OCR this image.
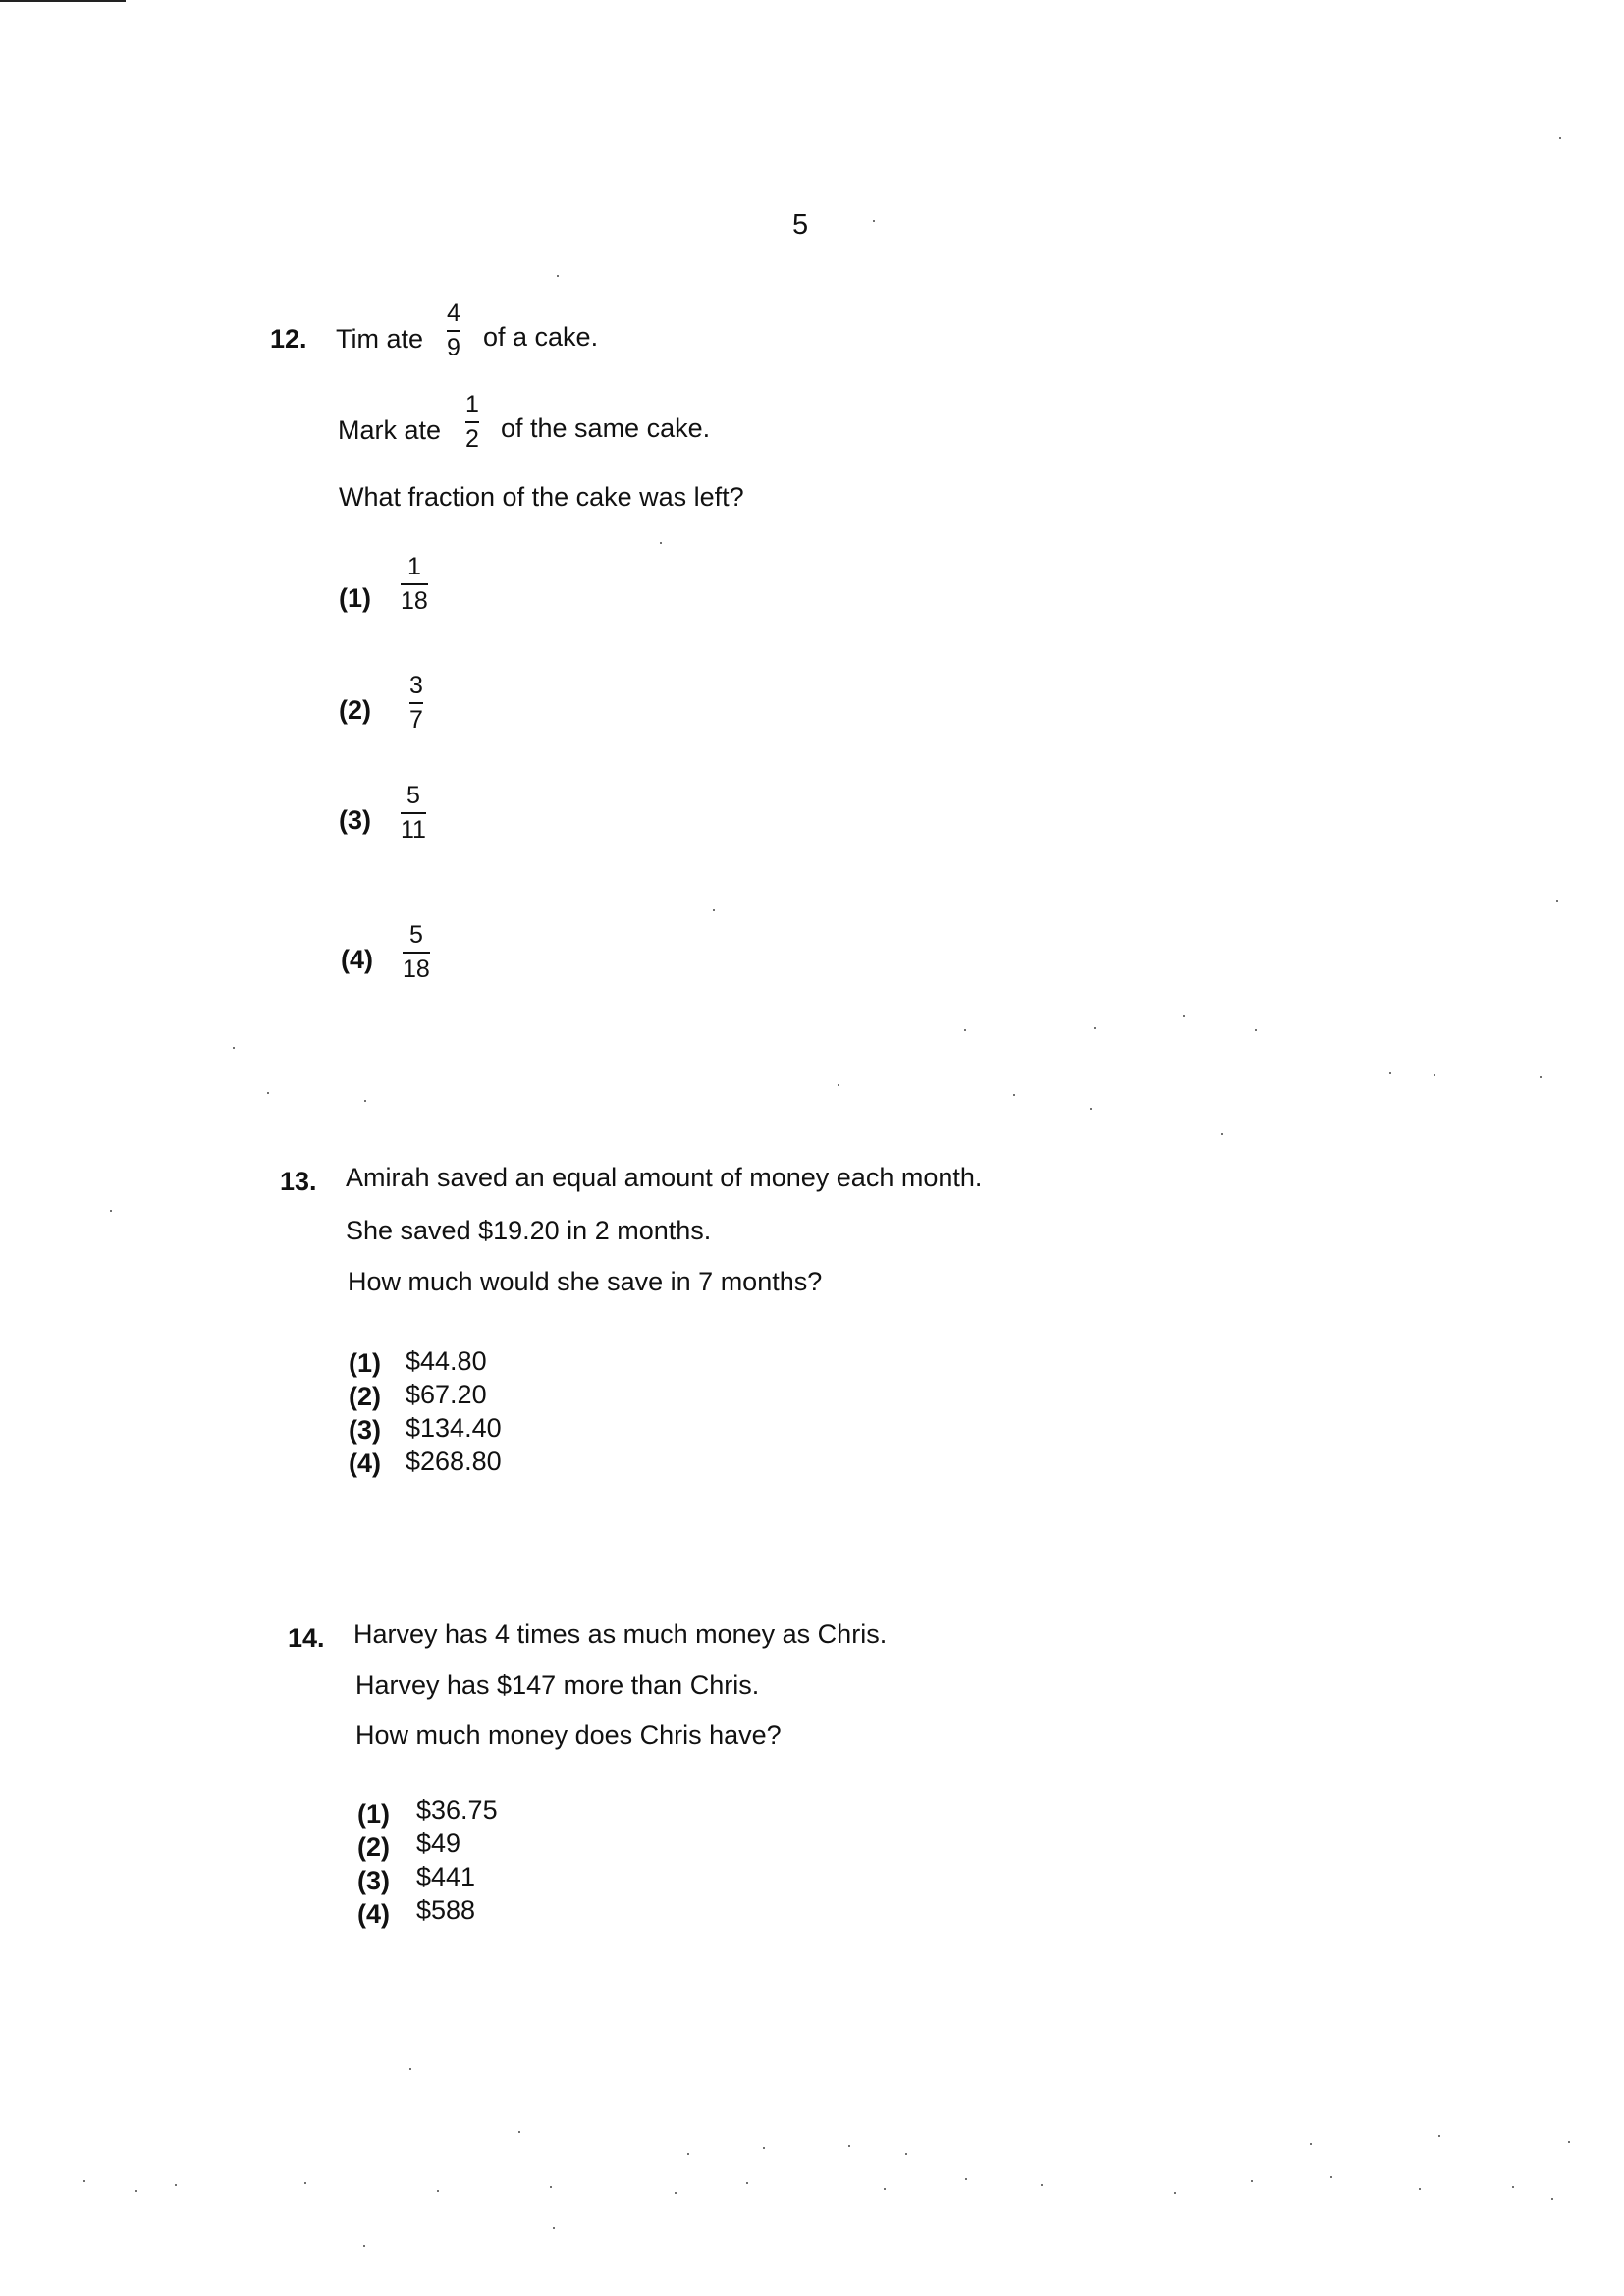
5
12. Tim ate
4
9 of a cake.
Mark ate
1
2 of the same cake.
What fraction of the cake was left?
(1)
1
18
(2)
3
7
(3)
5
11
(4)
5
18
13. Amirah saved an equal amount of money each month.
She saved $19.20 in 2 months.
How much would she save in 7 months?
(1) $44.80
(2) $67.20
(3) $134.40
(4) $268.80
14. Harvey has 4 times as much money as Chris.
Harvey has $147 more than Chris.
How much money does Chris have?
(1) $36.75
(2) $49
(3) $441
(4) $588
